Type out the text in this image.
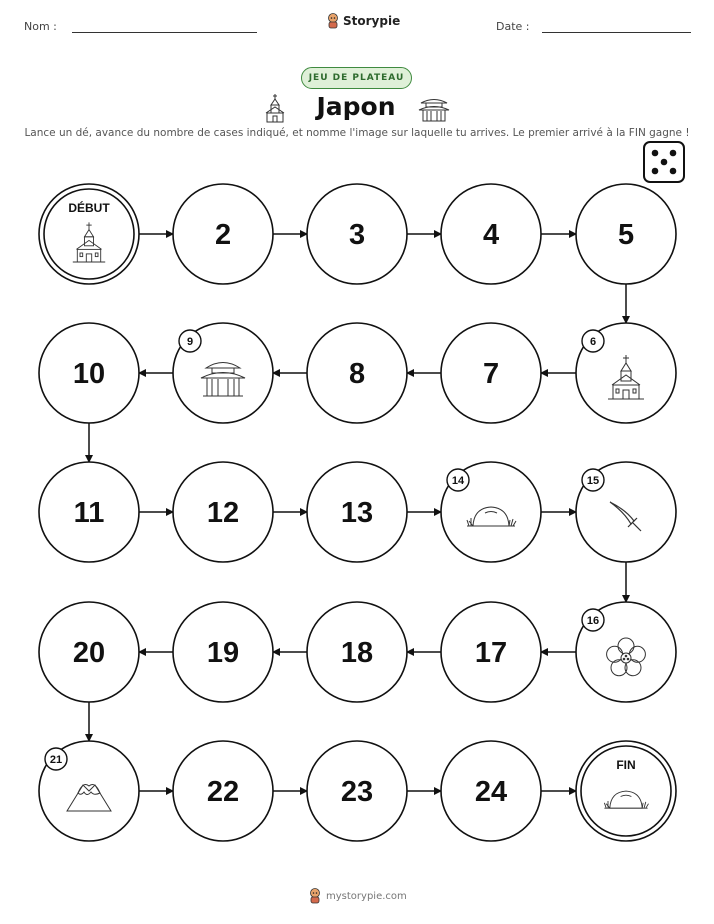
Nom :	Storypie	Date :
JEU DE PLATEAU
Japon
Lance un dé, avance du nombre de cases indiqué, et nomme l'image sur laquelle tu arrives. Le premier arrivé à la FIN gagne !
DÉBUT
2	3	4	5
6
7
8
9
10
11	12	13
14	15
16
17
18
19
20
21
22	23	24
FIN
mystorypie.com
